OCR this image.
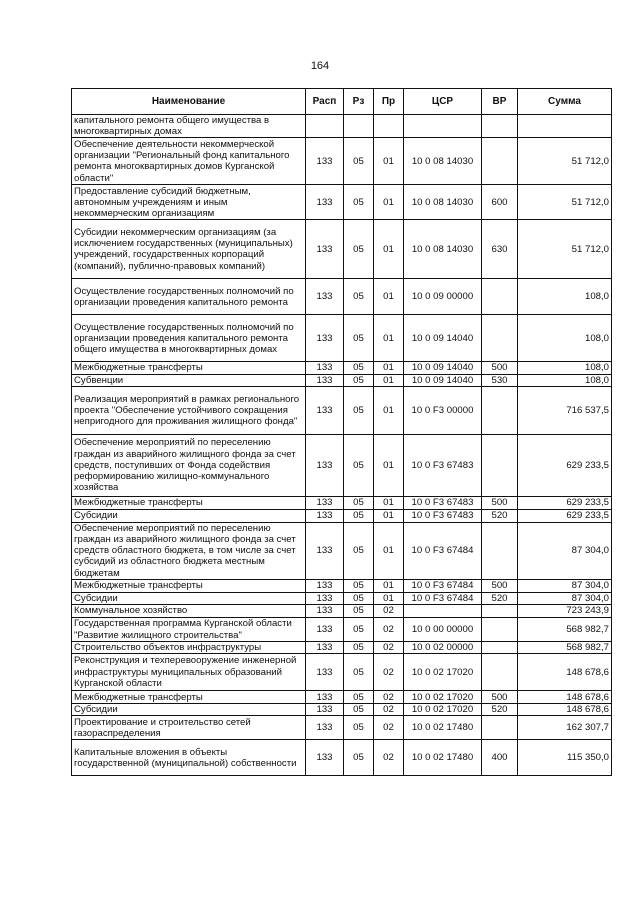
164
Наименование	Расп	Рз	Пр	ЦСР	ВР	Сумма
капитального ремонта общего имущества в многоквартирных домах						
Обеспечение деятельности некоммерческой организации "Региональный фонд капитального ремонта многоквартирных домов Курганской области"	133	05	01	10 0 08 14030		51 712,0
Предоставление субсидий бюджетным, автономным учреждениям и иным некоммерческим организациям	133	05	01	10 0 08 14030	600	51 712,0
Субсидии некоммерческим организациям (за исключением государственных (муниципальных) учреждений, государственных корпораций (компаний), публично-правовых компаний)	133	05	01	10 0 08 14030	630	51 712,0
Осуществление государственных полномочий по организации проведения капитального ремонта	133	05	01	10 0 09 00000		108,0
Осуществление государственных полномочий по организации проведения капитального ремонта общего имущества в многоквартирных домах	133	05	01	10 0 09 14040		108,0
Межбюджетные трансферты	133	05	01	10 0 09 14040	500	108,0
Субвенции	133	05	01	10 0 09 14040	530	108,0
Реализация мероприятий в рамках регионального проекта "Обеспечение устойчивого сокращения непригодного для проживания жилищного фонда"	133	05	01	10 0 F3 00000		716 537,5
Обеспечение мероприятий по переселению граждан из аварийного жилищного фонда за счет средств, поступивших от Фонда содействия реформированию жилищно-коммунального хозяйства	133	05	01	10 0 F3 67483		629 233,5
Межбюджетные трансферты	133	05	01	10 0 F3 67483	500	629 233,5
Субсидии	133	05	01	10 0 F3 67483	520	629 233,5
Обеспечение мероприятий по переселению граждан из аварийного жилищного фонда за счет средств областного бюджета, в том числе за счет субсидий из областного бюджета местным бюджетам	133	05	01	10 0 F3 67484		87 304,0
Межбюджетные трансферты	133	05	01	10 0 F3 67484	500	87 304,0
Субсидии	133	05	01	10 0 F3 67484	520	87 304,0
Коммунальное хозяйство	133	05	02			723 243,9
Государственная программа Курганской области "Развитие жилищного строительства"	133	05	02	10 0 00 00000		568 982,7
Строительство объектов инфраструктуры	133	05	02	10 0 02 00000		568 982,7
Реконструкция и техперевооружение инженерной инфраструктуры муниципальных образований Курганской области	133	05	02	10 0 02 17020		148 678,6
Межбюджетные трансферты	133	05	02	10 0 02 17020	500	148 678,6
Субсидии	133	05	02	10 0 02 17020	520	148 678,6
Проектирование и строительство сетей газораспределения	133	05	02	10 0 02 17480		162 307,7
Капитальные вложения в объекты государственной (муниципальной) собственности	133	05	02	10 0 02 17480	400	115 350,0
